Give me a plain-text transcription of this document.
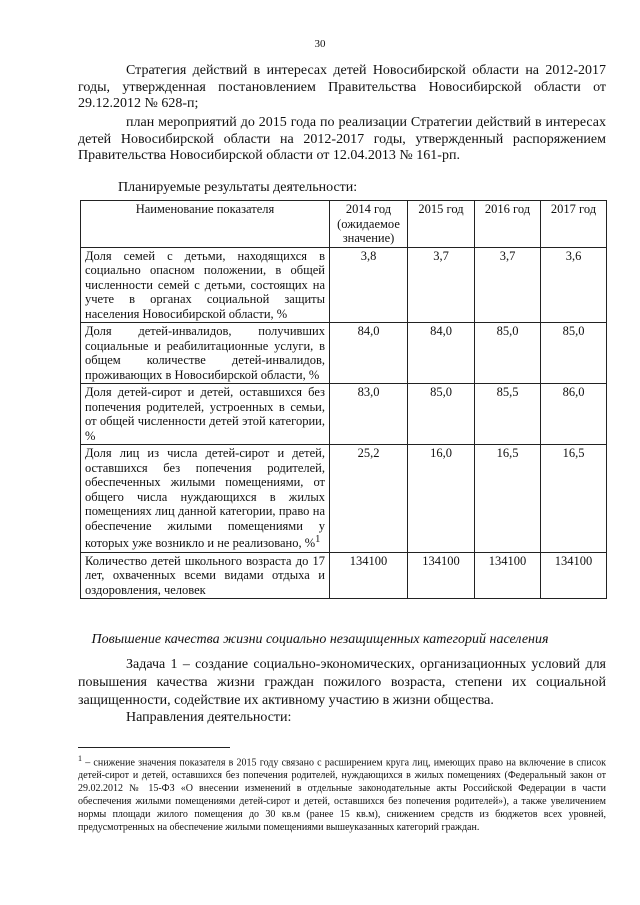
30

Стратегия действий в интересах детей Новосибирской области на 2012-2017 годы, утвержденная постановлением Правительства Новосибирской области от 29.12.2012 № 628-п;

план мероприятий до 2015 года по реализации Стратегии действий в интересах детей Новосибирской области на 2012-2017 годы, утвержденный распоряжением Правительства Новосибирской области от 12.04.2013 № 161-рп.

Планируемые результаты деятельности:

Наименование показателя	2014 год (ожидаемое значение)	2015 год	2016 год	2017 год
Доля семей с детьми, находящихся в социально опасном положении, в общей численности семей с детьми, состоящих на учете в органах социальной защиты населения Новосибирской области, %	3,8	3,7	3,7	3,6
Доля детей-инвалидов, получивших социальные и реабилитационные услуги, в общем количестве детей-инвалидов, проживающих в Новосибирской области, %	84,0	84,0	85,0	85,0
Доля детей-сирот и детей, оставшихся без попечения родителей, устроенных в семьи, от общей численности детей этой категории, %	83,0	85,0	85,5	86,0
Доля лиц из числа детей-сирот и детей, оставшихся без попечения родителей, обеспеченных жилыми помещениями, от общего числа нуждающихся в жилых помещениях лиц данной категории, право на обеспечение жилыми помещениями у которых уже возникло и не реализовано, %$^1$	25,2	16,0	16,5	16,5
Количество детей школьного возраста до 17 лет, охваченных всеми видами отдыха и оздоровления, человек	134100	134100	134100	134100

Повышение качества жизни социально незащищенных категорий населения

Задача 1 – создание социально-экономических, организационных условий для повышения качества жизни граждан пожилого возраста, степени их социальной защищенности, содействие их активному участию в жизни общества.

Направления деятельности:

$^1$ – снижение значения показателя в 2015 году связано с расширением круга лиц, имеющих право на включение в список детей-сирот и детей, оставшихся без попечения родителей, нуждающихся в жилых помещениях (Федеральный закон от 29.02.2012 № 15-ФЗ «О внесении изменений в отдельные законодательные акты Российской Федерации в части обеспечения жилыми помещениями детей-сирот и детей, оставшихся без попечения родителей»), а также увеличением нормы площади жилого помещения до 30 кв.м (ранее 15 кв.м), снижением средств из бюджетов всех уровней, предусмотренных на обеспечение жилыми помещениями вышеуказанных категорий граждан.
